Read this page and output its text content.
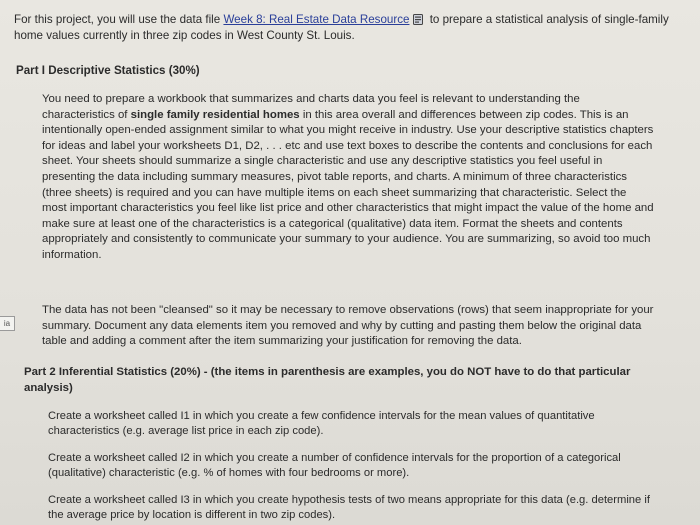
For this project, you will use the data file Week 8: Real Estate Data Resource to prepare a statistical analysis of single-family home values currently in three zip codes in West County St. Louis.
Part I Descriptive Statistics (30%)
You need to prepare a workbook that summarizes and charts data you feel is relevant to understanding the characteristics of single family residential homes in this area overall and differences between zip codes. This is an intentionally open-ended assignment similar to what you might receive in industry. Use your descriptive statistics chapters for ideas and label your worksheets D1, D2, . . . etc and use text boxes to describe the contents and conclusions for each sheet. Your sheets should summarize a single characteristic and use any descriptive statistics you feel useful in presenting the data including summary measures, pivot table reports, and charts. A minimum of three characteristics (three sheets) is required and you can have multiple items on each sheet summarizing that characteristic. Select the most important characteristics you feel like list price and other characteristics that might impact the value of the home and make sure at least one of the characteristics is a categorical (qualitative) data item. Format the sheets and contents appropriately and consistently to communicate your summary to your audience. You are summarizing, so avoid too much information.
The data has not been "cleansed" so it may be necessary to remove observations (rows) that seem inappropriate for your summary. Document any data elements item you removed and why by cutting and pasting them below the original data table and adding a comment after the item summarizing your justification for removing the data.
ia
Part 2 Inferential Statistics (20%) - (the items in parenthesis are examples, you do NOT have to do that particular analysis)
Create a worksheet called I1 in which you create a few confidence intervals for the mean values of quantitative characteristics (e.g. average list price in each zip code).
Create a worksheet called I2 in which you create a number of confidence intervals for the proportion of a categorical (qualitative) characteristic (e.g. % of homes with four bedrooms or more).
Create a worksheet called I3 in which you create hypothesis tests of two means appropriate for this data (e.g. determine if the average price by location is different in two zip codes).
